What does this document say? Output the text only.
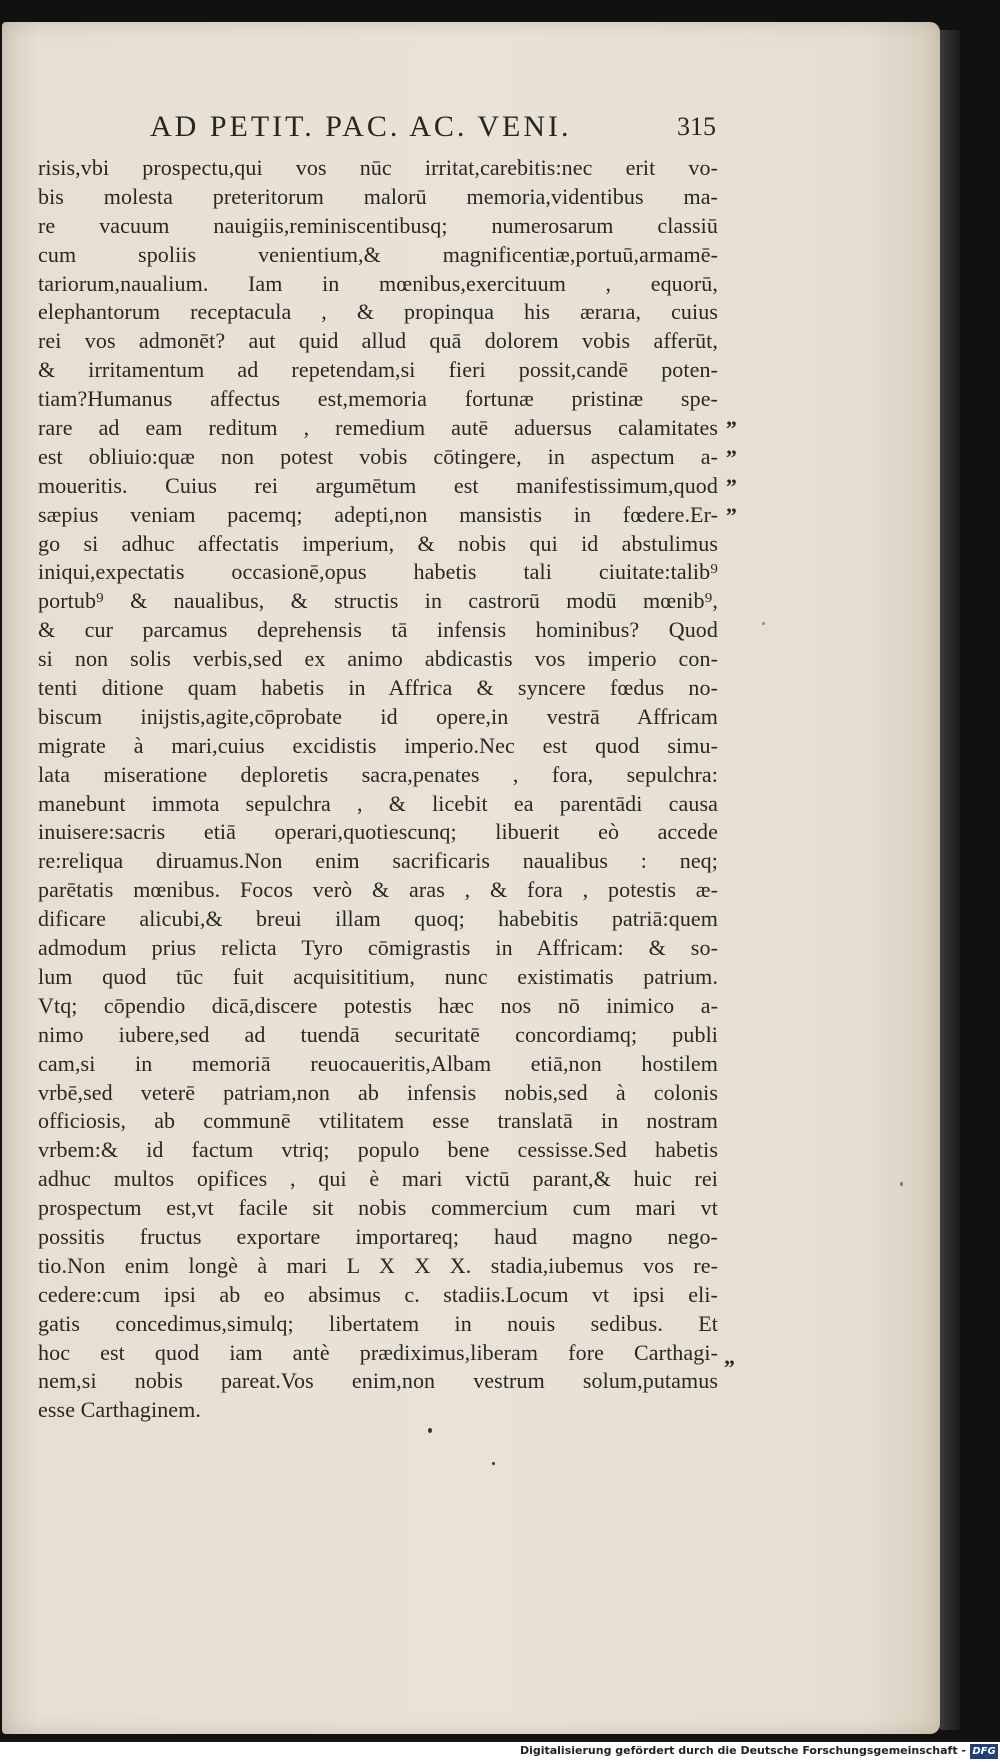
AD PETIT. PAC. AC. VENI.	315
risis,vbi prospectu,qui vos nūc irritat,carebitis:nec erit vo-
bis molesta preteritorum malorū memoria,videntibus ma-
re vacuum nauigiis,reminiscentibusq; numerosarum classiū
cum spoliis venientium,& magnificentiæ,portuū,armamē-
tariorum,naualium. Iam in mœnibus,exercituum , equorū,
elephantorum receptacula , & propinqua his ærarıa, cuius
rei vos admonēt? aut quid allud quā dolorem vobis afferūt,
& irritamentum ad repetendam,si fieri possit,candē poten-
tiam?Humanus affectus est,memoria fortunæ pristinæ spe-
rare ad eam reditum , remedium autē aduersus calamitates
est obliuio:quæ non potest vobis cōtingere, in aspectum a-
moueritis. Cuius rei argumētum est manifestissimum,quod
sæpius veniam pacemq; adepti,non mansistis in fœdere.Er-
go si adhuc affectatis imperium, & nobis qui id abstulimus
iniqui,expectatis occasionē,opus habetis tali ciuitate:talib⁹
portub⁹ & naualibus, & structis in castrorū modū mœnib⁹,
& cur parcamus deprehensis tā infensis hominibus? Quod
si non solis verbis,sed ex animo abdicastis vos imperio con-
tenti ditione quam habetis in Affrica & syncere fœdus no-
biscum inijstis,agite,cōprobate id opere,in vestrā Affricam
migrate à mari,cuius excidistis imperio.Nec est quod simu-
lata miseratione deploretis sacra,penates , fora, sepulchra:
manebunt immota sepulchra , & licebit ea parentādi causa
inuisere:sacris etiā operari,quotiescunq; libuerit eò accede
re:reliqua diruamus.Non enim sacrificaris naualibus : neq;
parētatis mœnibus. Focos verò & aras , & fora , potestis æ-
dificare alicubi,& breui illam quoq; habebitis patriā:quem
admodum prius relicta Tyro cōmigrastis in Affricam: & so-
lum quod tūc fuit acquisititium, nunc existimatis patrium.
Vtq; cōpendio dicā,discere potestis hæc nos nō inimico a-
nimo iubere,sed ad tuendā securitatē concordiamq; publi
cam,si in memoriā reuocaueritis,Albam etiā,non hostilem
vrbē,sed veterē patriam,non ab infensis nobis,sed à colonis
officiosis, ab communē vtilitatem esse translatā in nostram
vrbem:& id factum vtriq; populo bene cessisse.Sed habetis
adhuc multos opifices , qui è mari victū parant,& huic rei
prospectum est,vt facile sit nobis commercium cum mari vt
possitis fructus exportare importareq; haud magno nego-
tio.Non enim longè à mari L X X X. stadia,iubemus vos re-
cedere:cum ipsi ab eo absimus c. stadiis.Locum vt ipsi eli-
gatis concedimus,simulq; libertatem in nouis sedibus. Et
hoc est quod iam antè prædiximus,liberam fore Carthagi-
nem,si nobis pareat.Vos enim,non vestrum solum,putamus
esse Carthaginem.
„
„
„
„
„
Digitalisierung gefördert durch die Deutsche Forschungsgemeinschaft - DFG
